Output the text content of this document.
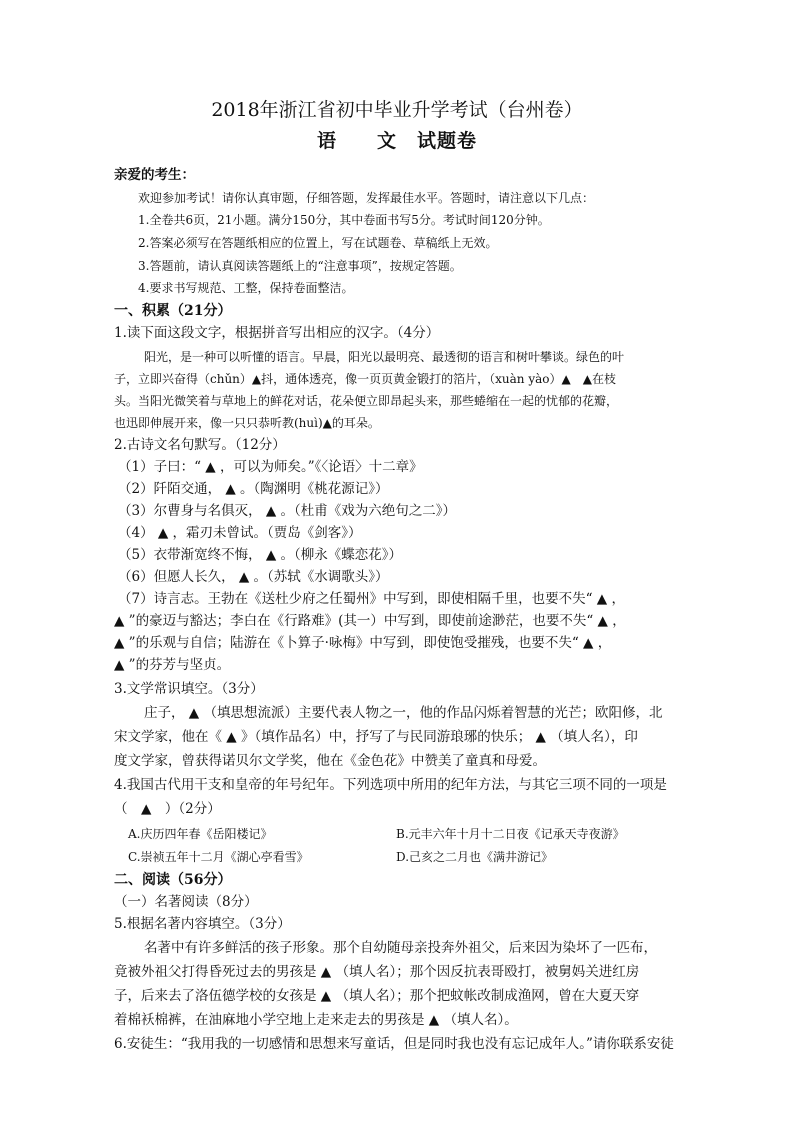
2018年浙江省初中毕业升学考试（台州卷）
语　　文　试题卷
亲爱的考生：
欢迎参加考试！请你认真审题，仔细答题，发挥最佳水平。答题时，请注意以下几点：
1.全卷共6页，21小题。满分150分，其中卷面书写5分。考试时间120分钟。
2.答案必须写在答题纸相应的位置上，写在试题卷、草稿纸上无效。
3.答题前，请认真阅读答题纸上的“注意事项”，按规定答题。
4.要求书写规范、工整，保持卷面整洁。
一、积累（21分）
1.读下面这段文字，根据拼音写出相应的汉字。（4分）
阳光，是一种可以听懂的语言。早晨，阳光以最明亮、最透彻的语言和树叶攀谈。绿色的叶
子，立即兴奋得（chǔn）▲抖，通体透亮，像一页页黄金锻打的箔片，（xuàn yào）▲　▲在枝
头。当阳光微笑着与草地上的鲜花对话，花朵便立即昂起头来，那些蜷缩在一起的忧郁的花瓣，
也迅即伸展开来，像一只只恭听教(huì)▲的耳朵。
2.古诗文名句默写。（12分）
（1）子曰：“ ▲ ，可以为师矣。”《〈论语〉十二章》
（2）阡陌交通， ▲ 。（陶渊明《桃花源记》）
（3）尔曹身与名俱灭， ▲ 。（杜甫《戏为六绝句之二》）
（4） ▲ ，霜刃未曾试。（贾岛《剑客》）
（5）衣带渐宽终不悔， ▲ 。（柳永《蝶恋花》）
（6）但愿人长久， ▲ 。（苏轼《水调歌头》）
（7）诗言志。王勃在《送杜少府之任蜀州》中写到，即使相隔千里，也要不失“ ▲ ，
▲ ”的豪迈与豁达；李白在《行路难》(其一）中写到，即使前途渺茫，也要不失“ ▲ ，
▲ ”的乐观与自信；陆游在《卜算子·咏梅》中写到，即使饱受摧残，也要不失“ ▲ ，
▲ ”的芬芳与坚贞。
3.文学常识填空。（3分）
庄子， ▲ （填思想流派）主要代表人物之一，他的作品闪烁着智慧的光芒；欧阳修，北
宋文学家，他在《 ▲ 》（填作品名）中，抒写了与民同游琅琊的快乐； ▲ （填人名），印
度文学家，曾获得诺贝尔文学奖，他在《金色花》中赞美了童真和母爱。
4.我国古代用干支和皇帝的年号纪年。下列选项中所用的纪年方法，与其它三项不同的一项是
（　▲　）（2分）
A.庆历四年春《岳阳楼记》	B.元丰六年十月十二日夜《记承天寺夜游》
C.崇祯五年十二月《湖心亭看雪》	D.己亥之二月也《满井游记》
二、阅读（56分）
（一）名著阅读（8分）
5.根据名著内容填空。（3分）
名著中有许多鲜活的孩子形象。那个自幼随母亲投奔外祖父，后来因为染坏了一匹布，
竟被外祖父打得昏死过去的男孩是 ▲ （填人名）；那个因反抗表哥殴打，被舅妈关进红房
子，后来去了洛伍德学校的女孩是 ▲ （填人名）；那个把蚊帐改制成渔网，曾在大夏天穿
着棉袄棉裤，在油麻地小学空地上走来走去的男孩是 ▲ （填人名）。
6.安徒生：“我用我的一切感情和思想来写童话，但是同时我也没有忘记成年人。”请你联系安徒
